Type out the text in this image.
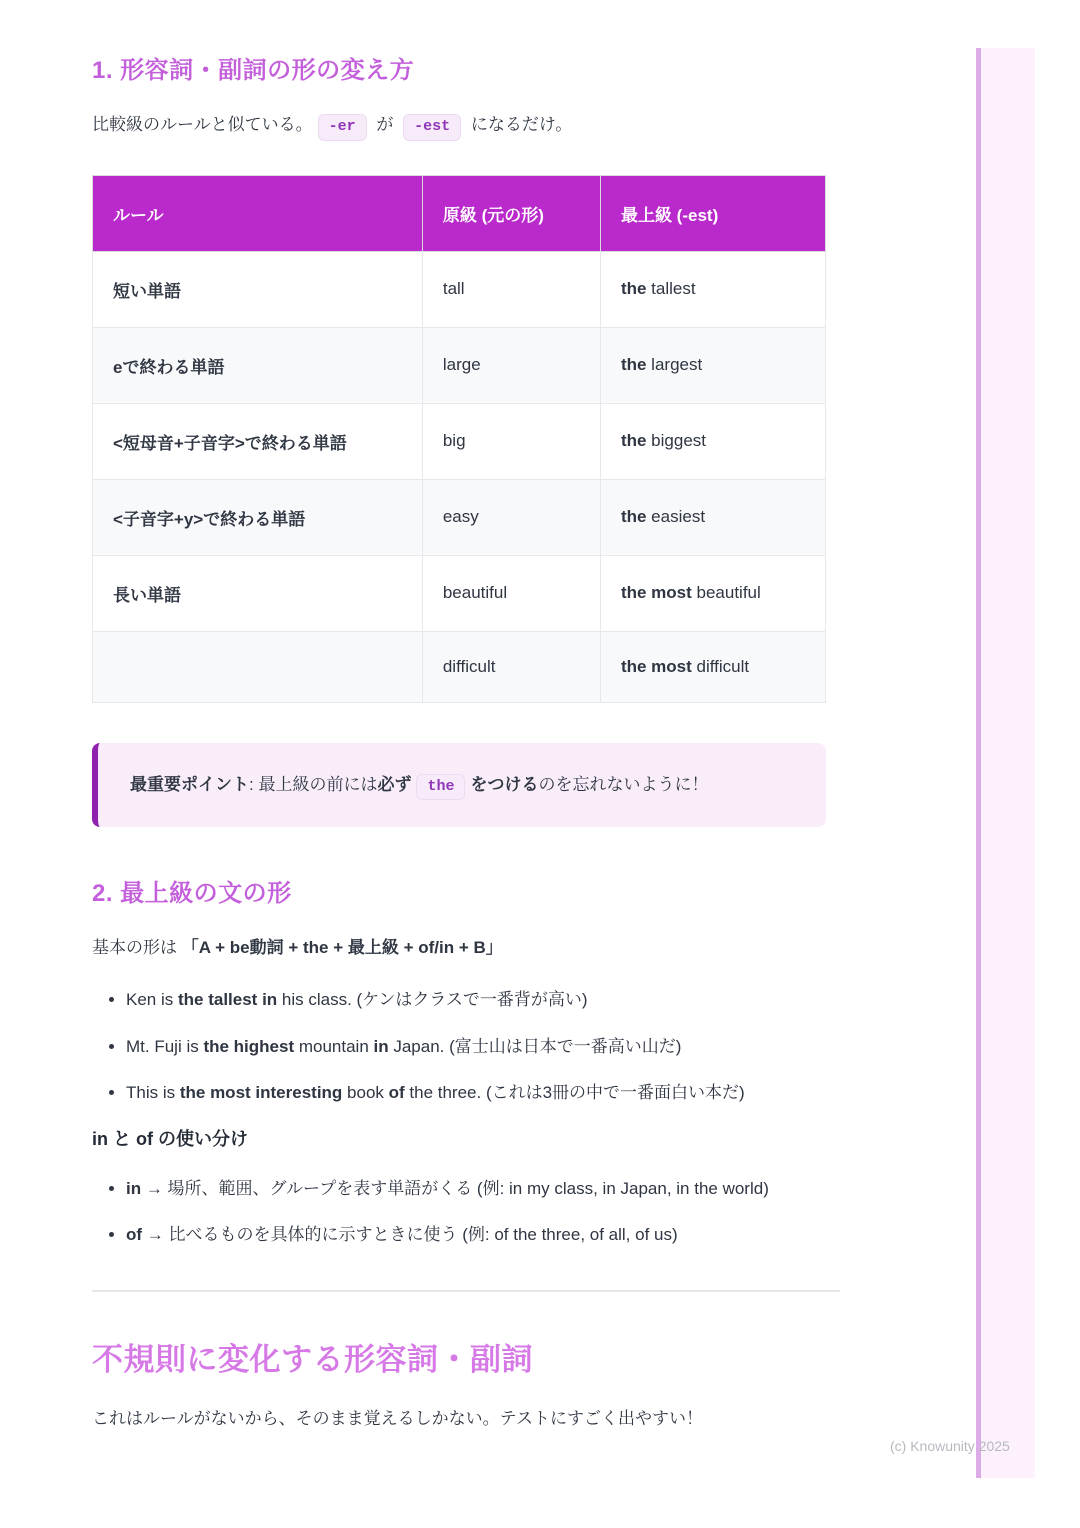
(c) Knowunity 2025
1. 形容詞・副詞の形の変え方

比較級のルールと似ている。 -er が -est になるだけ。

ルール	原級 (元の形)	最上級 (-est)
短い単語	tall	the tallest
eで終わる単語	large	the largest
<短母音+子音字>で終わる単語	big	the biggest
<子音字+y>で終わる単語	easy	the easiest
長い単語	beautiful	the most beautiful
	difficult	the most difficult
最重要ポイント: 最上級の前には必ず the をつけるのを忘れないように！
2. 最上級の文の形

基本の形は 「A + be動詞 + the + 最上級 + of/in + B」

• Ken is the tallest in his class. (ケンはクラスで一番背が高い)
• Mt. Fuji is the highest mountain in Japan. (富士山は日本で一番高い山だ)
• This is the most interesting book of the three. (これは3冊の中で一番面白い本だ)
in と of の使い分け
• in → 場所、範囲、グループを表す単語がくる (例: in my class, in Japan, in the world)
• of → 比べるものを具体的に示すときに使う (例: of the three, of all, of us)
不規則に変化する形容詞・副詞

これはルールがないから、そのまま覚えるしかない。テストにすごく出やすい！
